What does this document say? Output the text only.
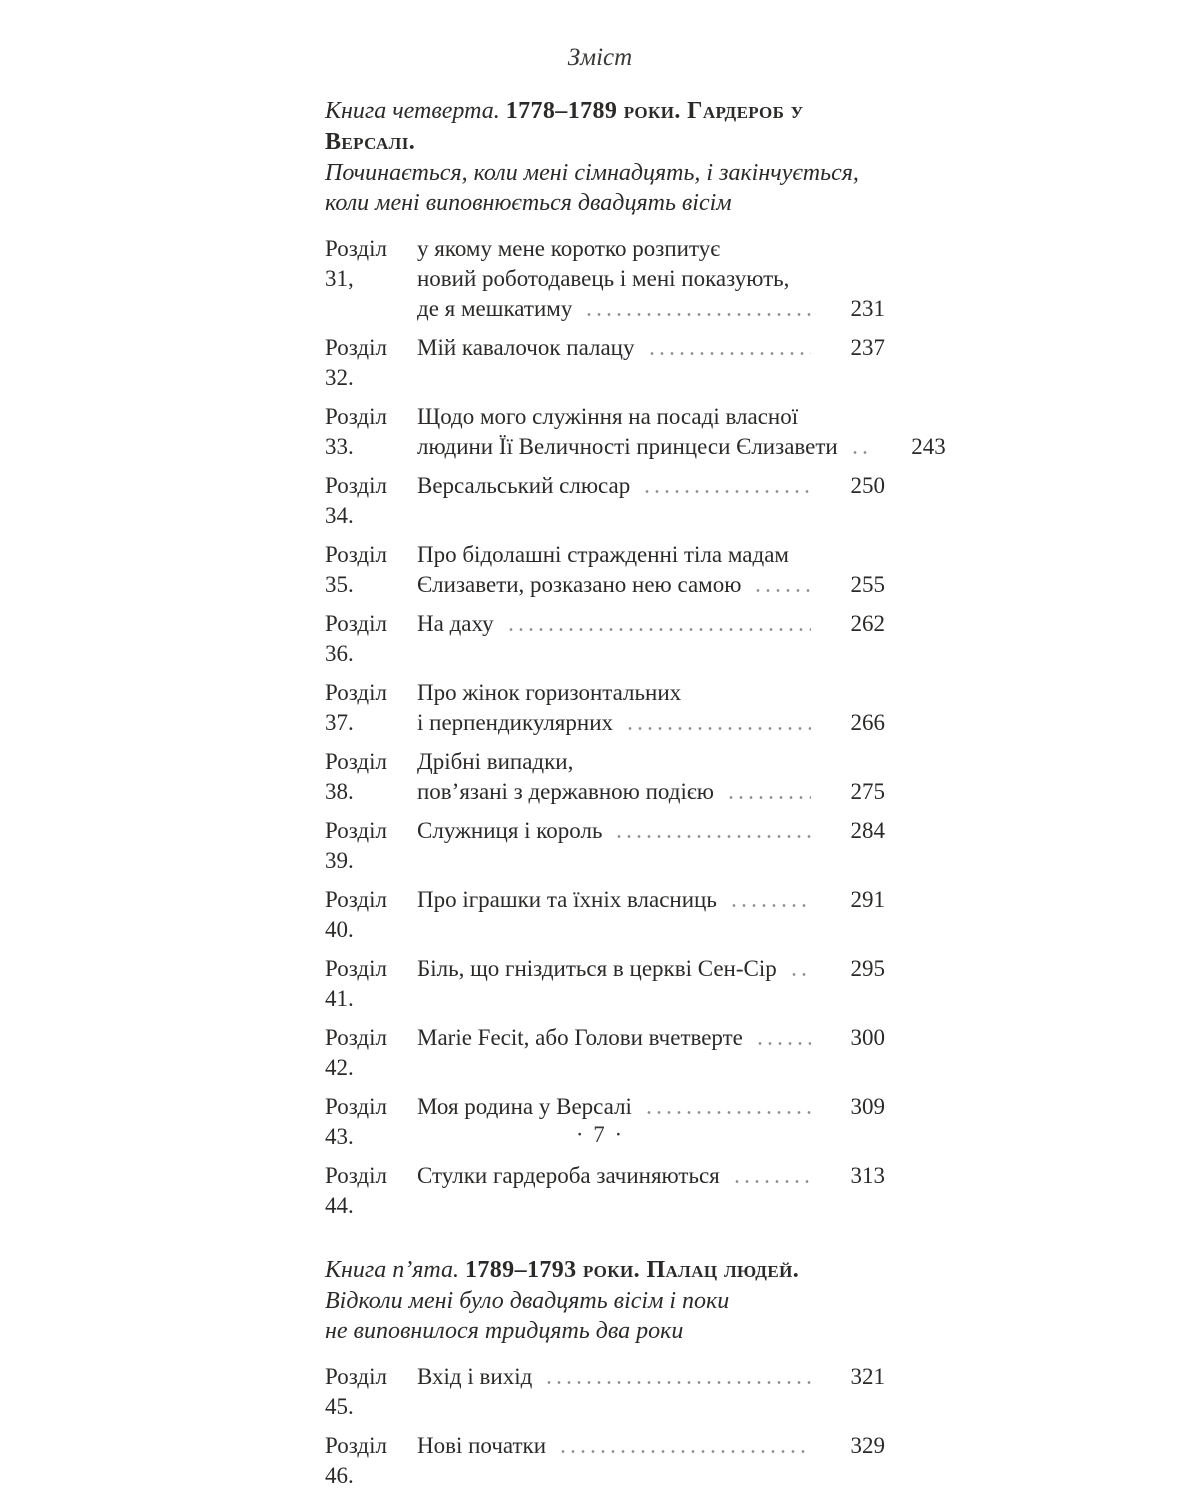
Зміст
Книга четверта. 1778–1789 роки. Гардероб у Версалі.
Починається, коли мені сімнадцять, і закінчується,
коли мені виповнюється двадцять вісім
Розділ 31,
у якому мене коротко розпитує
новий роботодавець і мені показують,
де я мешкатиму	231
Розділ 32.
Мій кавалочок палацу	237
Розділ 33.
Щодо мого служіння на посаді власної
людини Її Величності принцеси Єлизавети	243
Розділ 34.
Версальський слюсар	250
Розділ 35.
Про бідолашні стражденні тіла мадам
Єлизавети, розказано нею самою	255
Розділ 36.
На даху	262
Розділ 37.
Про жінок горизонтальних
і перпендикулярних	266
Розділ 38.
Дрібні випадки,
пов’язані з державною подією	275
Розділ 39.
Служниця і король	284
Розділ 40.
Про іграшки та їхніх власниць	291
Розділ 41.
Біль, що гніздиться в церкві Сен-Сір	295
Розділ 42.
Marie Fecit, або Голови вчетверте	300
Розділ 43.
Моя родина у Версалі	309
Розділ 44.
Стулки гардероба зачиняються	313
Книга п’ята. 1789–1793 роки. Палац людей.
Відколи мені було двадцять вісім і поки
не виповнилося тридцять два роки
Розділ 45.
Вхід і вихід	321
Розділ 46.
Нові початки	329
· 7 ·
